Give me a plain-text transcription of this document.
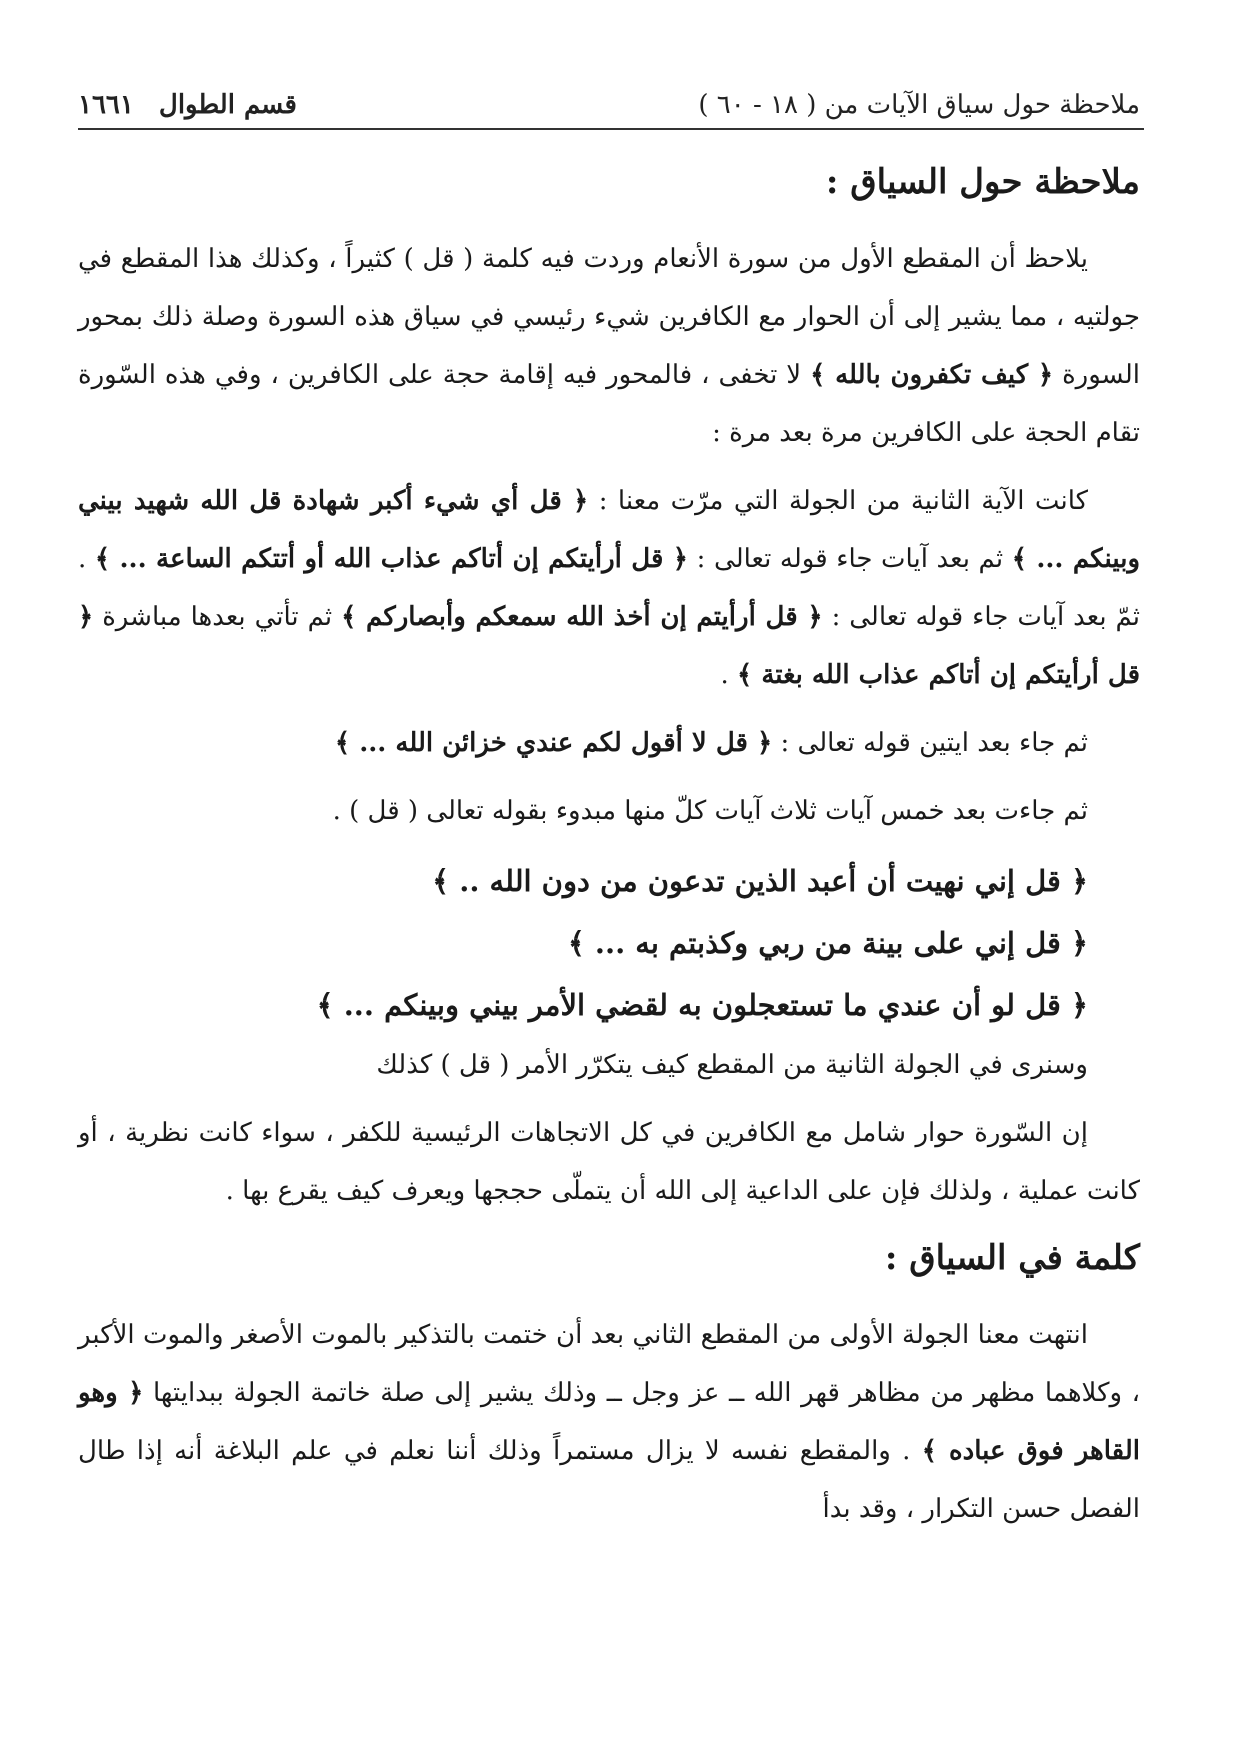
ملاحظة حول سياق الآيات من ( ١٨ - ٦٠ )
قسم الطوال ١٦٦١
ملاحظة حول السياق :

يلاحظ أن المقطع الأول من سورة الأنعام وردت فيه كلمة ( قل ) كثيراً ، وكذلك هذا المقطع في جولتيه ، مما يشير إلى أن الحوار مع الكافرين شيء رئيسي في سياق هذه السورة وصلة ذلك بمحور السورة ﴿ كيف تكفرون بالله ﴾ لا تخفى ، فالمحور فيه إقامة حجة على الكافرين ، وفي هذه السّورة تقام الحجة على الكافرين مرة بعد مرة :

كانت الآية الثانية من الجولة التي مرّت معنا : ﴿ قل أي شيء أكبر شهادة قل الله شهيد بيني وبينكم ... ﴾ ثم بعد آيات جاء قوله تعالى : ﴿ قل أرأيتكم إن أتاكم عذاب الله أو أتتكم الساعة ... ﴾ . ثمّ بعد آيات جاء قوله تعالى : ﴿ قل أرأيتم إن أخذ الله سمعكم وأبصاركم ﴾ ثم تأتي بعدها مباشرة ﴿ قل أرأيتكم إن أتاكم عذاب الله بغتة ﴾ .

ثم جاء بعد ايتين قوله تعالى : ﴿ قل لا أقول لكم عندي خزائن الله ... ﴾

ثم جاءت بعد خمس آيات ثلاث آيات كلّ منها مبدوء بقوله تعالى ( قل ) .

﴿ قل إني نهيت أن أعبد الذين تدعون من دون الله .. ﴾
﴿ قل إني على بينة من ربي وكذبتم به ... ﴾
﴿ قل لو أن عندي ما تستعجلون به لقضي الأمر بيني وبينكم ... ﴾

وسنرى في الجولة الثانية من المقطع كيف يتكرّر الأمر ( قل ) كذلك

إن السّورة حوار شامل مع الكافرين في كل الاتجاهات الرئيسية للكفر ، سواء كانت نظرية ، أو كانت عملية ، ولذلك فإن على الداعية إلى الله أن يتملّى حججها ويعرف كيف يقرع بها .

كلمة في السياق :

انتهت معنا الجولة الأولى من المقطع الثاني بعد أن ختمت بالتذكير بالموت الأصغر والموت الأكبر ، وكلاهما مظهر من مظاهر قهر الله ــ عز وجل ــ وذلك يشير إلى صلة خاتمة الجولة ببدايتها ﴿ وهو القاهر فوق عباده ﴾ . والمقطع نفسه لا يزال مستمراً وذلك أننا نعلم في علم البلاغة أنه إذا طال الفصل حسن التكرار ، وقد بدأ
